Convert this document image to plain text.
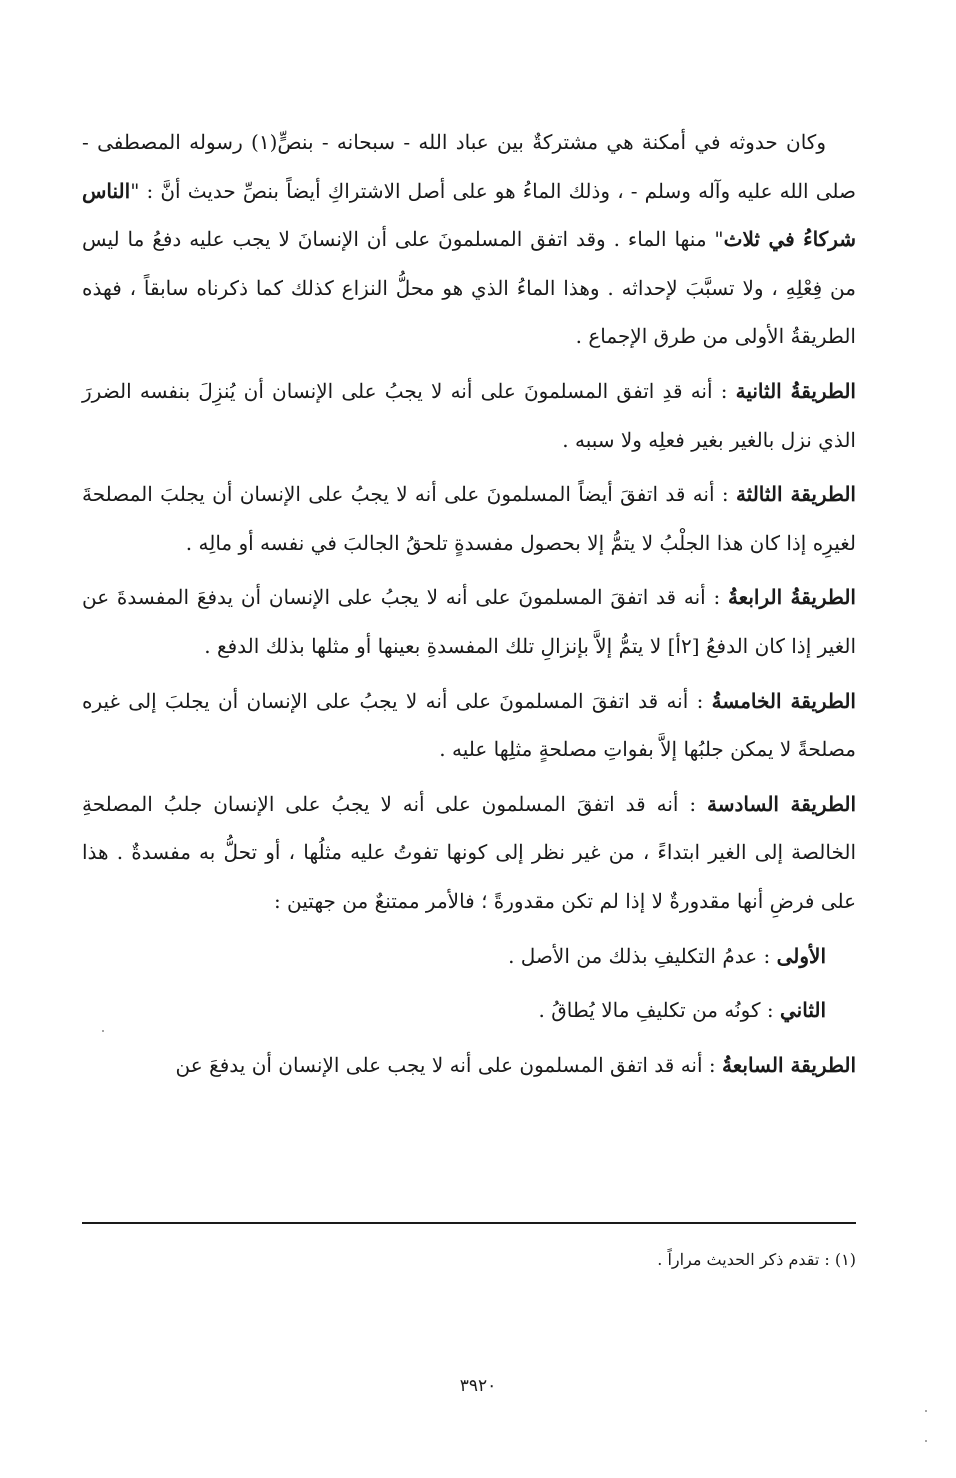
وكان حدوثه في أمكنة هي مشتركةٌ بين عباد الله - سبحانه - بنصٍّ(١) رسوله المصطفى - صلى الله عليه وآله وسلم - ، وذلك الماءُ هو على أصل الاشتراكِ أيضاً بنصِّ حديث أنَّ : "الناس شركاءُ في ثلاث" منها الماء . وقد اتفق المسلمونَ على أن الإنسانَ لا يجب عليه دفعُ ما ليس من فِعْلِهِ ، ولا تسبَّبَ لإحداثه . وهذا الماءُ الذي هو محلُّ النزاع كذلك كما ذكرناه سابقاً ، فهذه الطريقةُ الأولى من طرق الإجماع .

الطريقةُ الثانية : أنه قدِ اتفق المسلمونَ على أنه لا يجبُ على الإنسان أن يُنزِلَ بنفسه الضررَ الذي نزل بالغير بغير فعلِه ولا سببه .

الطريقة الثالثة : أنه قد اتفقَ أيضاً المسلمونَ على أنه لا يجبُ على الإنسان أن يجلبَ المصلحةَ لغيرِه إذا كان هذا الجلْبُ لا يتمُّ إلا بحصول مفسدةٍ تلحقُ الجالبَ في نفسه أو مالِه .

الطريقةُ الرابعةُ : أنه قد اتفقَ المسلمونَ على أنه لا يجبُ على الإنسان أن يدفعَ المفسدةَ عن الغير إذا كان الدفعُ [٢أ] لا يتمُّ إلاَّ بإنزالِ تلك المفسدةِ بعينها أو مثلها بذلك الدفع .

الطريقة الخامسةُ : أنه قد اتفقَ المسلمونَ على أنه لا يجبُ على الإنسان أن يجلبَ إلى غيره مصلحةً لا يمكن جلبُها إلاَّ بفواتِ مصلحةٍ مثلِها عليه .

الطريقة السادسة : أنه قد اتفقَ المسلمون على أنه لا يجبُ على الإنسان جلبُ المصلحةِ الخالصة إلى الغير ابتداءً ، من غير نظر إلى كونها تفوتُ عليه مثلُها ، أو تحلُّ به مفسدةٌ . هذا على فرضِ أنها مقدورةٌ لا إذا لم تكن مقدورةً ؛ فالأمر ممتنعٌ من جهتين :

الأولى : عدمُ التكليفِ بذلك من الأصل .

الثاني : كونُه من تكليفِ مالا يُطاقُ .

الطريقة السابعةُ : أنه قد اتفق المسلمون على أنه لا يجب على الإنسان أن يدفعَ عن

(١) : تقدم ذكر الحديث مراراً .
٣٩٢٠
